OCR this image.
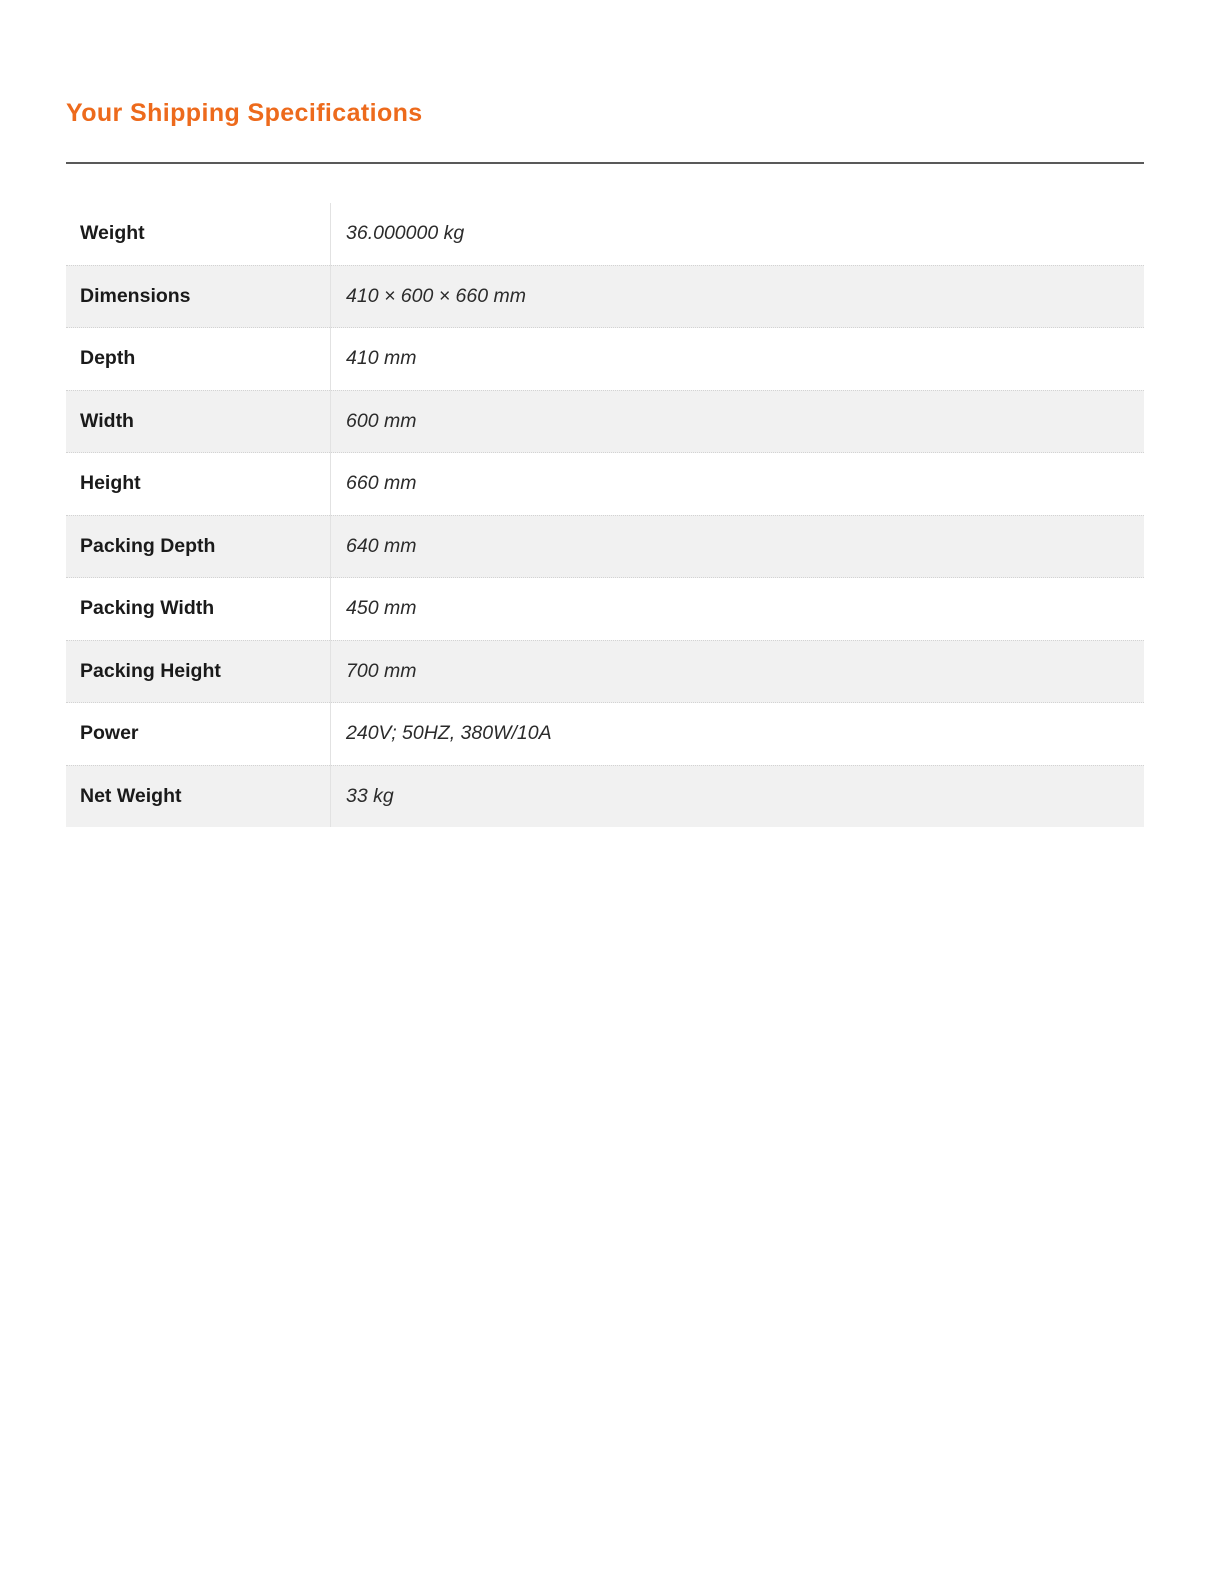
Your Shipping Specifications
Weight	36.000000 kg
Dimensions	410 × 600 × 660 mm
Depth	410 mm
Width	600 mm
Height	660 mm
Packing Depth	640 mm
Packing Width	450 mm
Packing Height	700 mm
Power	240V; 50HZ, 380W/10A
Net Weight	33 kg
